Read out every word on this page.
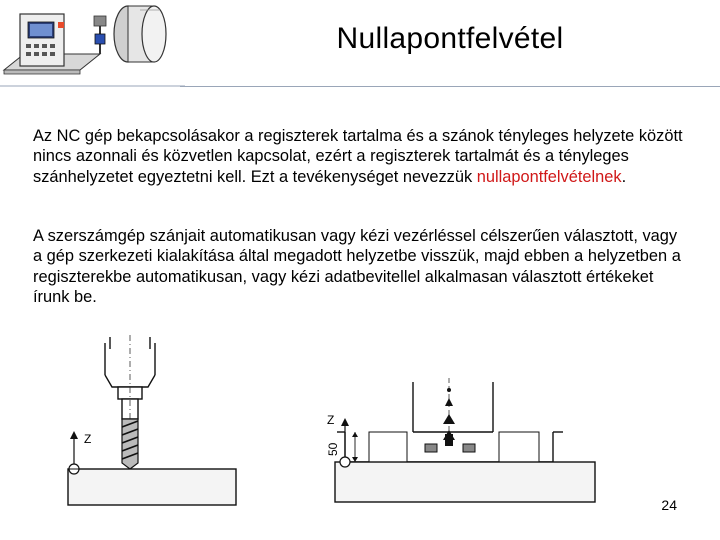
Nullapontfelvétel

Az NC gép bekapcsolásakor a regiszterek tartalma és a szánok tényleges helyzete között nincs azonnali és közvetlen kapcsolat, ezért a regiszterek tartalmát és a tényleges szánhelyzetet egyeztetni kell. Ezt a tevékenységet nevezzük nullapontfelvételnek.

A szerszámgép szánjait automatikusan vagy kézi vezérléssel célszerűen választott, vagy a gép szerkezeti kialakítása által megadott helyzetbe visszük, majd ebben a helyzetben a regiszterekbe automatikusan, vagy kézi adatbevitellel alkalmasan választott értékeket írunk be.

Z
Z
50
24
